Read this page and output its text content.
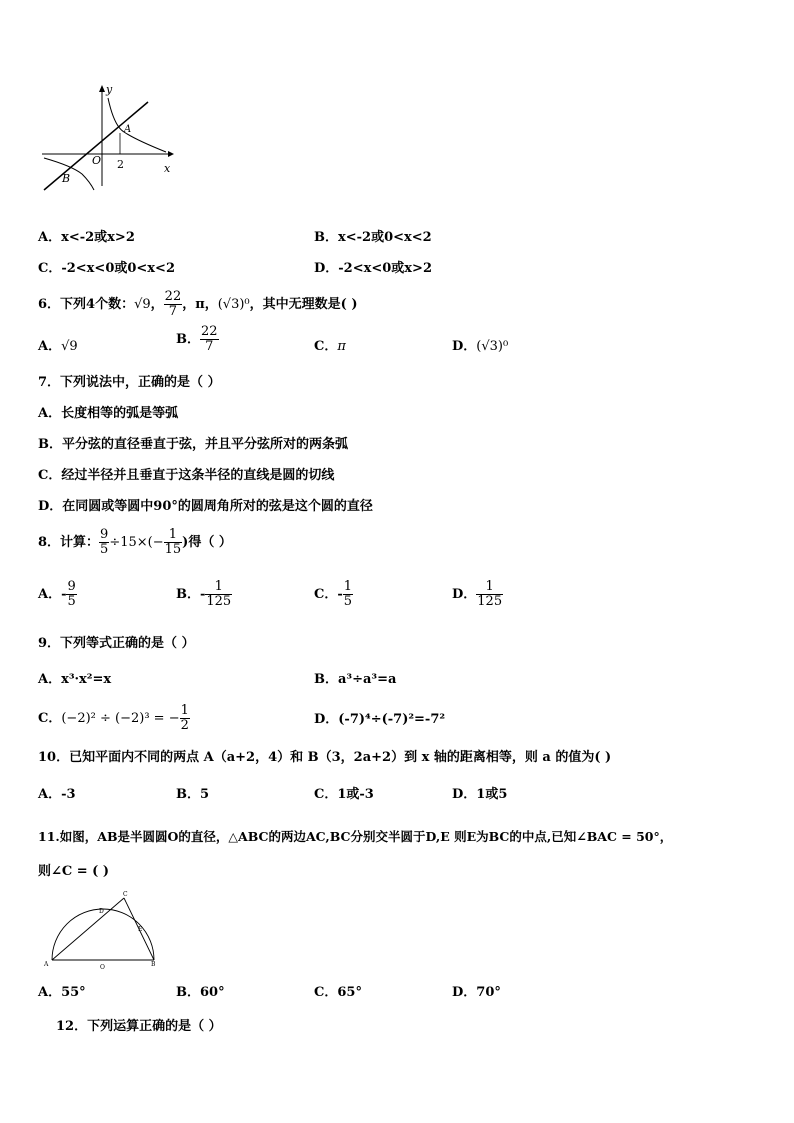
y
x
O 2
A
B
A．x<-2或x>2	B．x<-2或0<x<2
C．-2<x<0或0<x<2	D．-2<x<0或x>2
6．下列4个数：√9， $\frac{22}{7}$ ，π，(√3)⁰，其中无理数是( )
A．√9	B． $\frac{22}{7}$	C．π	D．(√3)⁰
7．下列说法中，正确的是（ ）
A．长度相等的弧是等弧
B．平分弦的直径垂直于弦，并且平分弦所对的两条弧
C．经过半径并且垂直于这条半径的直线是圆的切线
D．在同圆或等圆中90°的圆周角所对的弦是这个圆的直径
8．计算： $\frac{9}{5} \div 15\times(- \frac{1}{15}$ )得（ ）
A．- $\frac{9}{5}$	B．- $\frac{1}{125}$	C．- $\frac{1}{5}$	D． $\frac{1}{125}$
9．下列等式正确的是（ ）
A．x³·x²=x	B．a³÷a³=a
C．(−2)² ÷ (−2)³ = − $\frac{1}{2}$	D．(-7)⁴÷(-7)²=-7²
10．已知平面内不同的两点 A（a+2，4）和 B（3，2a+2）到 x 轴的距离相等，则 a 的值为( )
A．-3	B．5	C．1或-3	D．1或5
11.如图，AB是半圆圆O的直径，△ABC的两边AC,BC分别交半圆于D,E 则E为BC的中点,已知∠BAC = 50°，
则∠C = ( )
C
D
E
A	O	B
A．55°	B．60°	C．65°	D．70°
12．下列运算正确的是（ ）
